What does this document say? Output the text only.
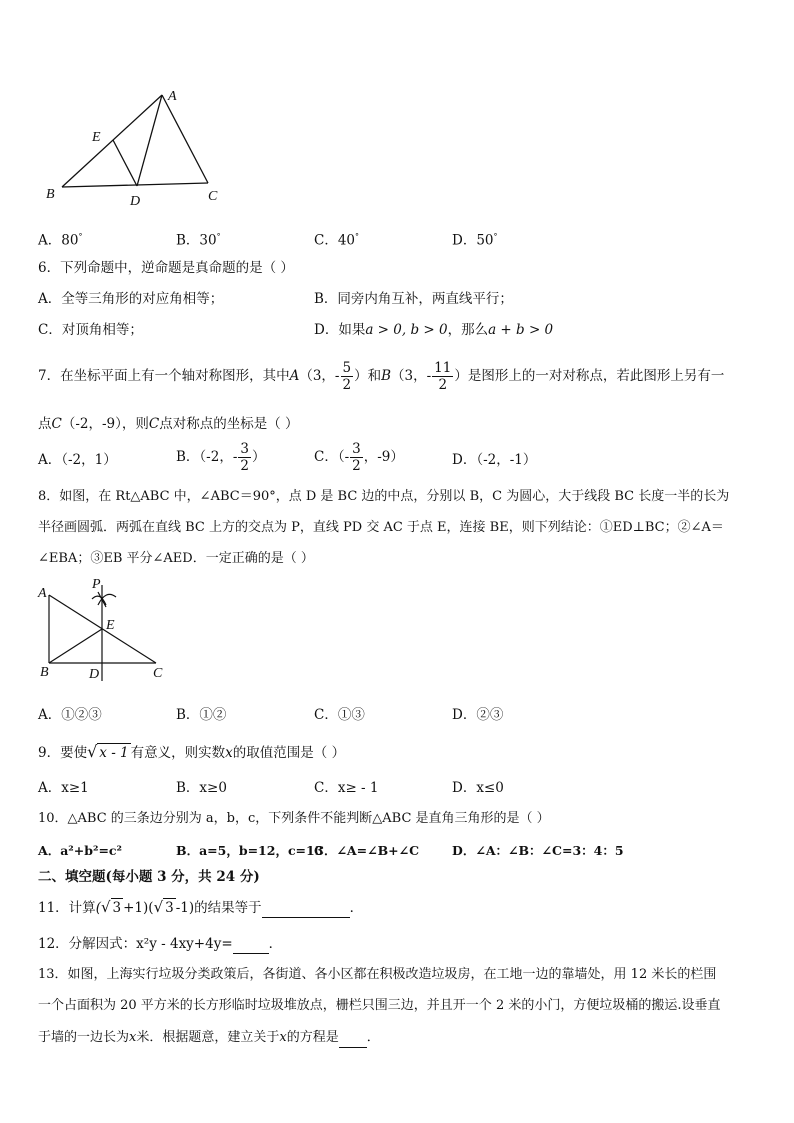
A
E
B	D	C
A．80°	B．30°	C．40°	D．50°
6．下列命题中，逆命题是真命题的是（ ）
A．全等三角形的对应角相等；	B．同旁内角互补，两直线平行；
C．对顶角相等；	D．如果a > 0, b > 0，那么a + b > 0
7．在坐标平面上有一个轴对称图形，其中A（3，- $\frac{5}{2}$ ）和B（3，- $\frac{11}{2}$ ）是图形上的一对对称点，若此图形上另有一
点C（-2，-9），则C点对称点的坐标是（ ）
A．（-2，1）	B．（-2，- $\frac{3}{2}$ ）	C．（- $\frac{3}{2}$ ，-9）	D．（-2，-1）
8．如图，在 Rt△ABC 中，∠ABC＝90°，点 D 是 BC 边的中点，分别以 B，C 为圆心，大于线段 BC 长度一半的长为
半径画圆弧．两弧在直线 BC 上方的交点为 P，直线 PD 交 AC 于点 E，连接 BE，则下列结论：①ED⊥BC；②∠A＝
∠EBA；③EB 平分∠AED．一定正确的是（ ）
A
P
E
B	D	C
A．①②③	B．①②	C．①③	D．②③
9．要使√ x - 1 有意义，则实数x的取值范围是（ ）
A．x≥1	B．x≥0	C．x≥ - 1	D．x≤0
10．△ABC 的三条边分别为 a，b，c，下列条件不能判断△ABC 是直角三角形的是（ ）
A．a²+b²=c²	B．a=5，b=12，c=13
C．∠A=∠B+∠C	D．∠A：∠B：∠C=3：4：5
二、填空题(每小题 3 分，共 24 分)
11．计算(√ 3 +1)(√ 3 -1)的结果等于	．
12．分解因式：x²y - 4xy+4y=	．
13．如图，上海实行垃圾分类政策后，各街道、各小区都在积极改造垃圾房，在工地一边的靠墙处，用 12 米长的栏围
一个占面积为 20 平方米的长方形临时垃圾堆放点，栅栏只围三边，并且开一个 2 米的小门，方便垃圾桶的搬运.设垂直
于墙的一边长为x米．根据题意，建立关于x的方程是 ．
